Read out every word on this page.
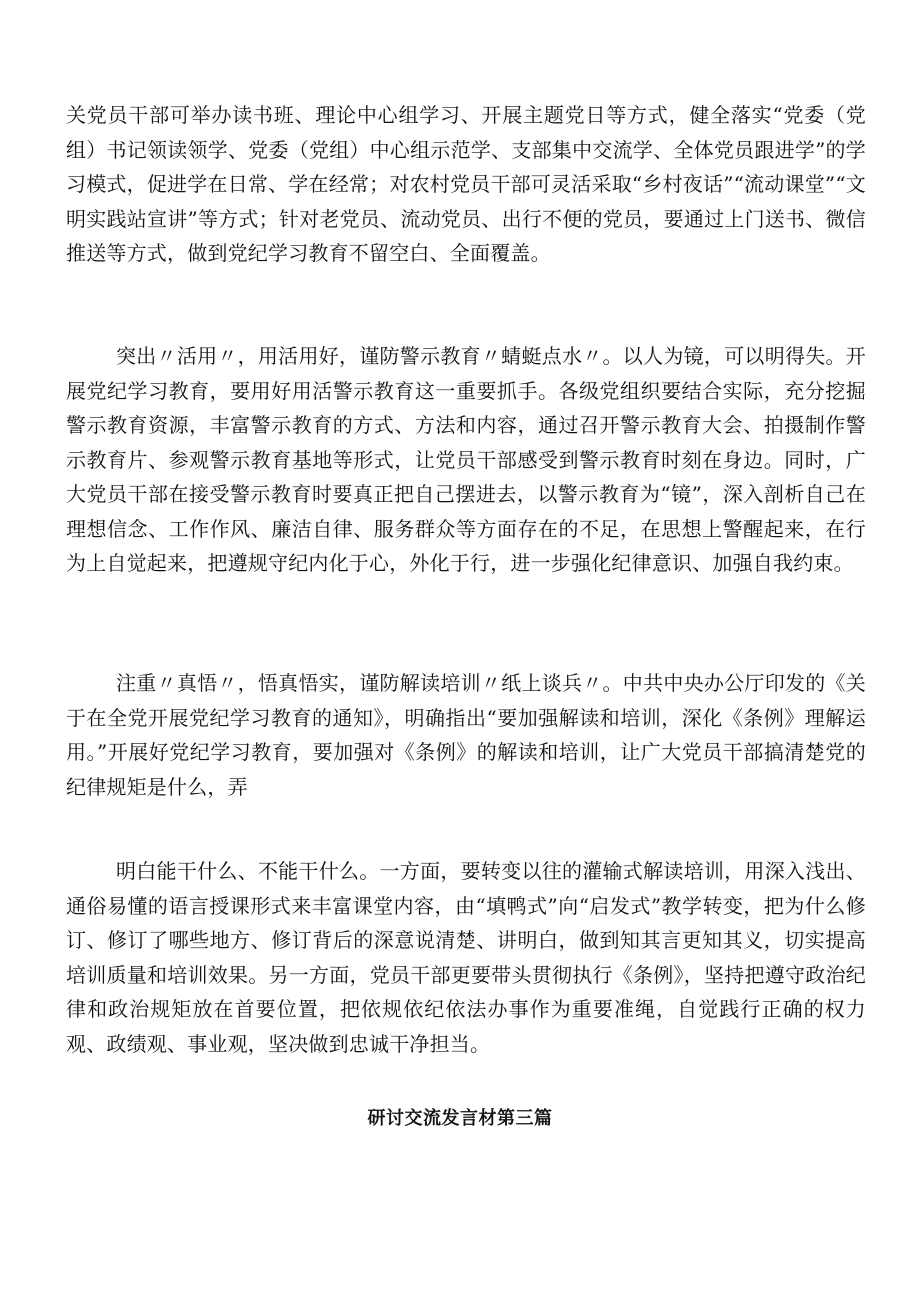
关党员干部可举办读书班、理论中心组学习、开展主题党日等方式，健全落实“党委（党组）书记领读领学、党委（党组）中心组示范学、支部集中交流学、全体党员跟进学”的学习模式，促进学在日常、学在经常；对农村党员干部可灵活采取“乡村夜话”“流动课堂”“文明实践站宣讲”等方式；针对老党员、流动党员、出行不便的党员，要通过上门送书、微信推送等方式，做到党纪学习教育不留空白、全面覆盖。

突出〃活用〃，用活用好，谨防警示教育〃蜻蜓点水〃。以人为镜，可以明得失。开展党纪学习教育，要用好用活警示教育这一重要抓手。各级党组织要结合实际，充分挖掘警示教育资源，丰富警示教育的方式、方法和内容，通过召开警示教育大会、拍摄制作警示教育片、参观警示教育基地等形式，让党员干部感受到警示教育时刻在身边。同时，广大党员干部在接受警示教育时要真正把自己摆进去，以警示教育为“镜”，深入剖析自己在理想信念、工作作风、廉洁自律、服务群众等方面存在的不足，在思想上警醒起来，在行为上自觉起来，把遵规守纪内化于心，外化于行，进一步强化纪律意识、加强自我约束。

注重〃真悟〃，悟真悟实，谨防解读培训〃纸上谈兵〃。中共中央办公厅印发的《关于在全党开展党纪学习教育的通知》，明确指出“要加强解读和培训，深化《条例》理解运用。”开展好党纪学习教育，要加强对《条例》的解读和培训，让广大党员干部搞清楚党的纪律规矩是什么，弄

明白能干什么、不能干什么。一方面，要转变以往的灌输式解读培训，用深入浅出、通俗易懂的语言授课形式来丰富课堂内容，由“填鸭式”向“启发式”教学转变，把为什么修订、修订了哪些地方、修订背后的深意说清楚、讲明白，做到知其言更知其义，切实提高培训质量和培训效果。另一方面，党员干部更要带头贯彻执行《条例》，坚持把遵守政治纪律和政治规矩放在首要位置，把依规依纪依法办事作为重要准绳，自觉践行正确的权力观、政绩观、事业观，坚决做到忠诚干净担当。

研讨交流发言材第三篇
